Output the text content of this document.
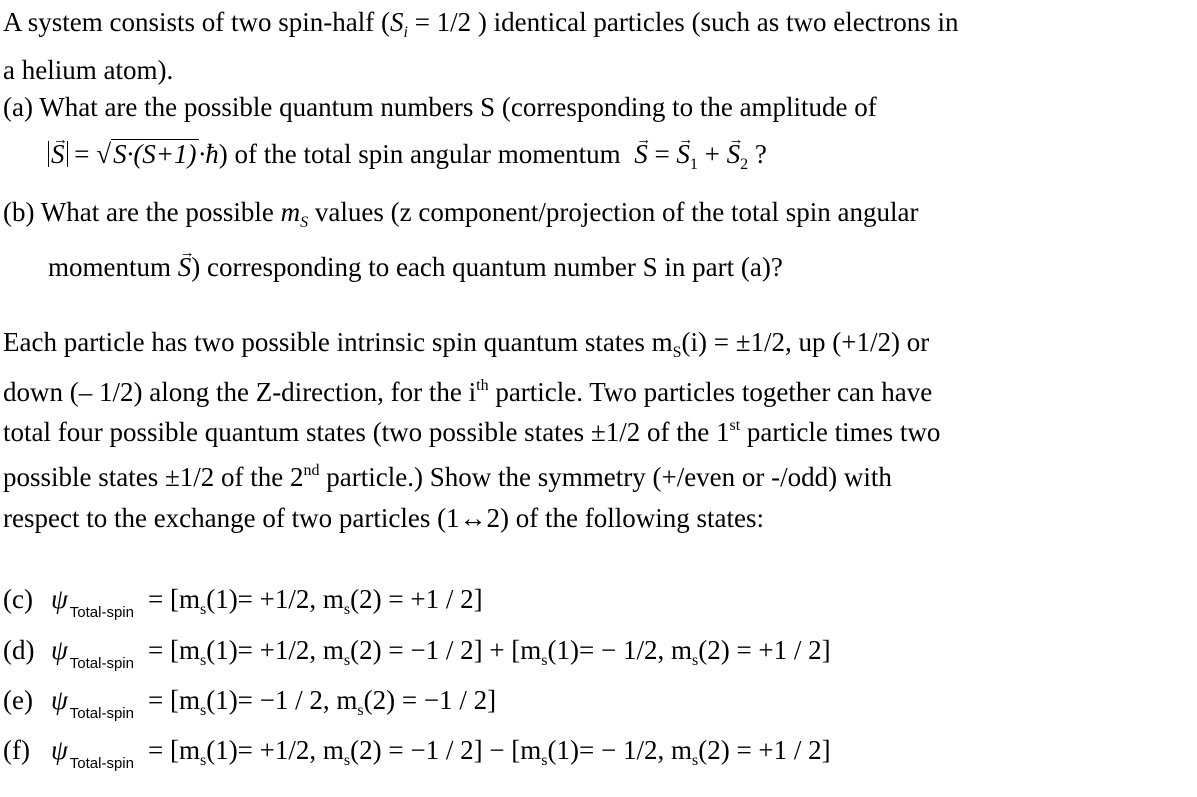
A system consists of two spin-half ($S_i = 1/2$ ) identical particles (such as two electrons in
a helium atom).
(a) What are the possible quantum numbers S (corresponding to the amplitude of
→ S = √S·(S+1)·ħ) of the total spin angular momentum  → S = → $S_1$ + → $S_2$ ?
(b) What are the possible $m_S$ values (z component/projection of the total spin angular
momentum → S) corresponding to each quantum number S in part (a)?
Each particle has two possible intrinsic spin quantum states $m_S(i) = \pm 1/2$, up (+1/2) or
down (– 1/2) along the Z-direction, for the $i^{th}$ particle. Two particles together can have
total four possible quantum states (two possible states ±1/2 of the 1st particle times two
possible states ±1/2 of the 2nd particle.) Show the symmetry (+/even or -/odd) with
respect to the exchange of two particles (1↔2) of the following states:
(c) ψ $_{Total-spin} = [m_s(1)= +1/2$, $m_s(2) = +1 / 2$]
(d) ψ $_{Total-spin} = [m_s(1)= +1/2$, $m_s(2) = -1 / 2] + [m_s(1)= - 1/2$, $m_s(2) = +1 / 2$]
(e) ψ $_{Total-spin} = [m_s(1)= -1 / 2$, $m_s(2) = -1 / 2$]
(f) ψ $_{Total-spin} = [m_s(1)= +1/2$, $m_s(2) = -1 / 2] - [m_s(1)= - 1/2$, $m_s(2) = +1 / 2$]
